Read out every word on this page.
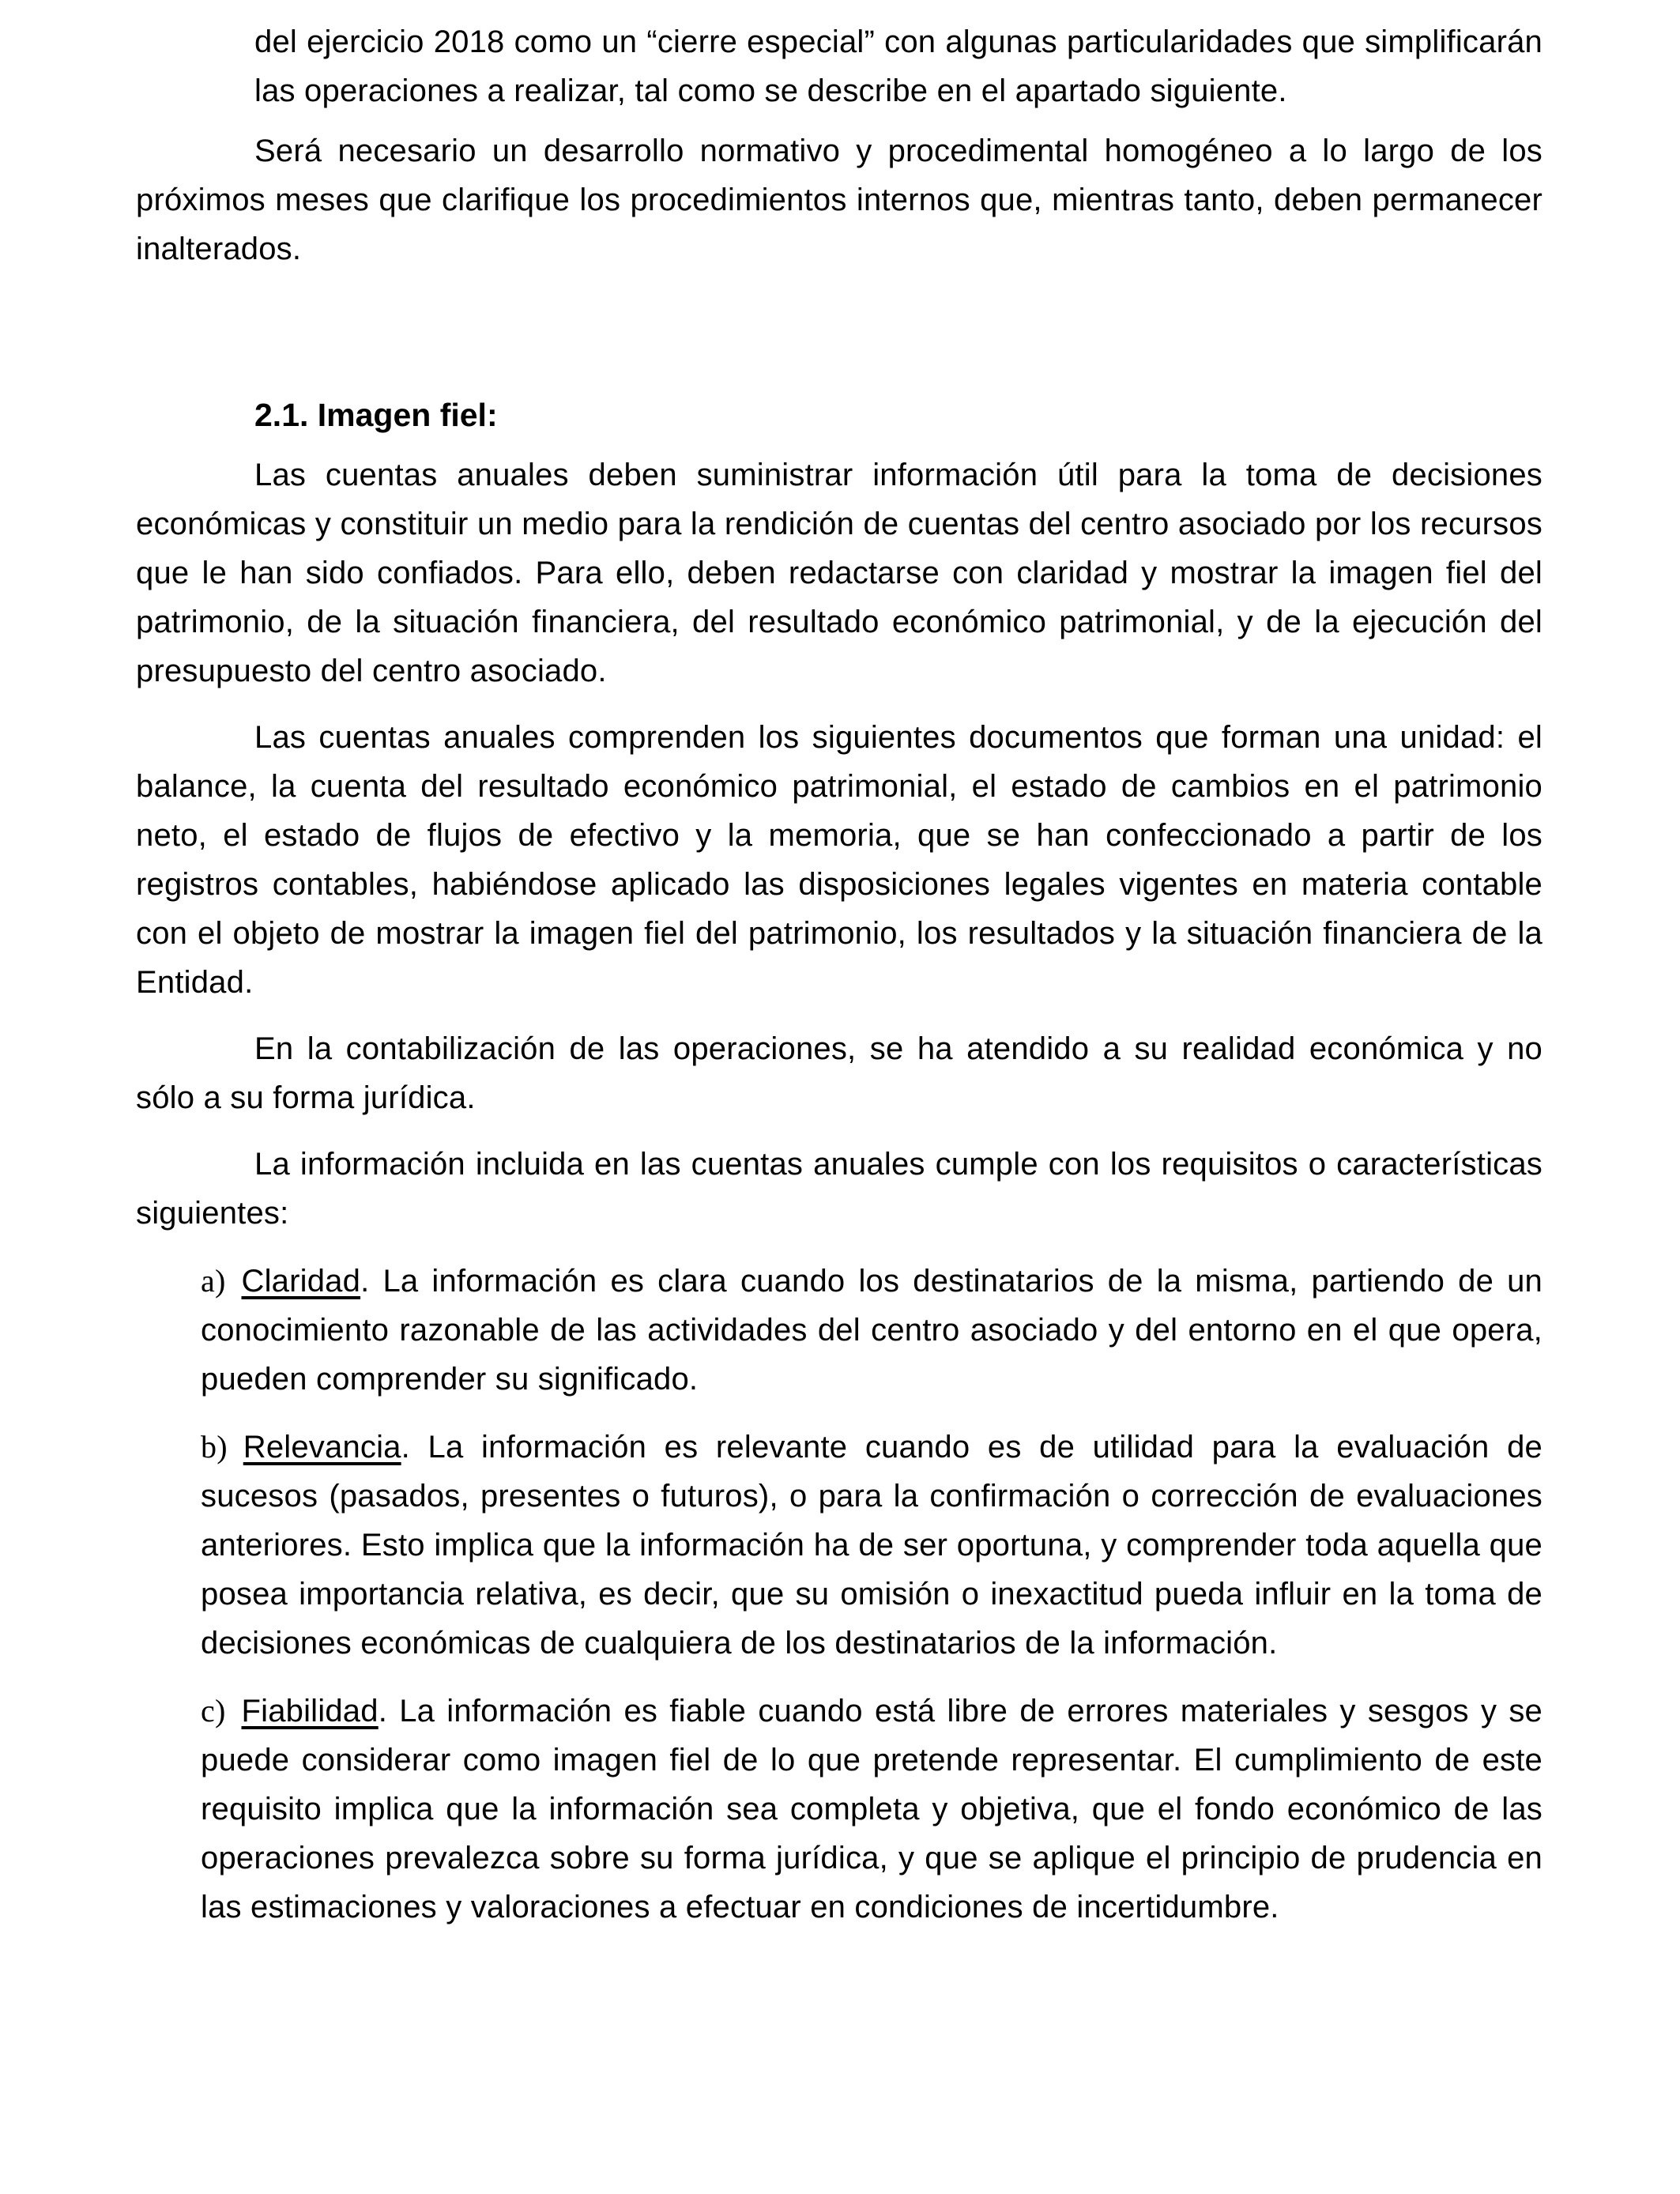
del ejercicio 2018 como un “cierre especial” con algunas particularidades que simplificarán las operaciones a realizar, tal como se describe en el apartado siguiente.

Será necesario un desarrollo normativo y procedimental homogéneo a lo largo de los próximos meses que clarifique los procedimientos internos que, mientras tanto, deben permanecer inalterados.

2.1. Imagen fiel:

Las cuentas anuales deben suministrar información útil para la toma de decisiones económicas y constituir un medio para la rendición de cuentas del centro asociado por los recursos que le han sido confiados. Para ello, deben redactarse con claridad y mostrar la imagen fiel del patrimonio, de la situación financiera, del resultado económico patrimonial, y de la ejecución del presupuesto del centro asociado.

Las cuentas anuales comprenden los siguientes documentos que forman una unidad: el balance, la cuenta del resultado económico patrimonial, el estado de cambios en el patrimonio neto, el estado de flujos de efectivo y la memoria, que se han confeccionado a partir de los registros contables, habiéndose aplicado las disposiciones legales vigentes en materia contable con el objeto de mostrar la imagen fiel del patrimonio, los resultados y la situación financiera de la Entidad.

En la contabilización de las operaciones, se ha atendido a su realidad económica y no sólo a su forma jurídica.

La información incluida en las cuentas anuales cumple con los requisitos o características siguientes:

a) Claridad. La información es clara cuando los destinatarios de la misma, partiendo de un conocimiento razonable de las actividades del centro asociado y del entorno en el que opera, pueden comprender su significado.

b) Relevancia. La información es relevante cuando es de utilidad para la evaluación de sucesos (pasados, presentes o futuros), o para la confirmación o corrección de evaluaciones anteriores. Esto implica que la información ha de ser oportuna, y comprender toda aquella que posea importancia relativa, es decir, que su omisión o inexactitud pueda influir en la toma de decisiones económicas de cualquiera de los destinatarios de la información.

c) Fiabilidad. La información es fiable cuando está libre de errores materiales y sesgos y se puede considerar como imagen fiel de lo que pretende representar. El cumplimiento de este requisito implica que la información sea completa y objetiva, que el fondo económico de las operaciones prevalezca sobre su forma jurídica, y que se aplique el principio de prudencia en las estimaciones y valoraciones a efectuar en condiciones de incertidumbre.
